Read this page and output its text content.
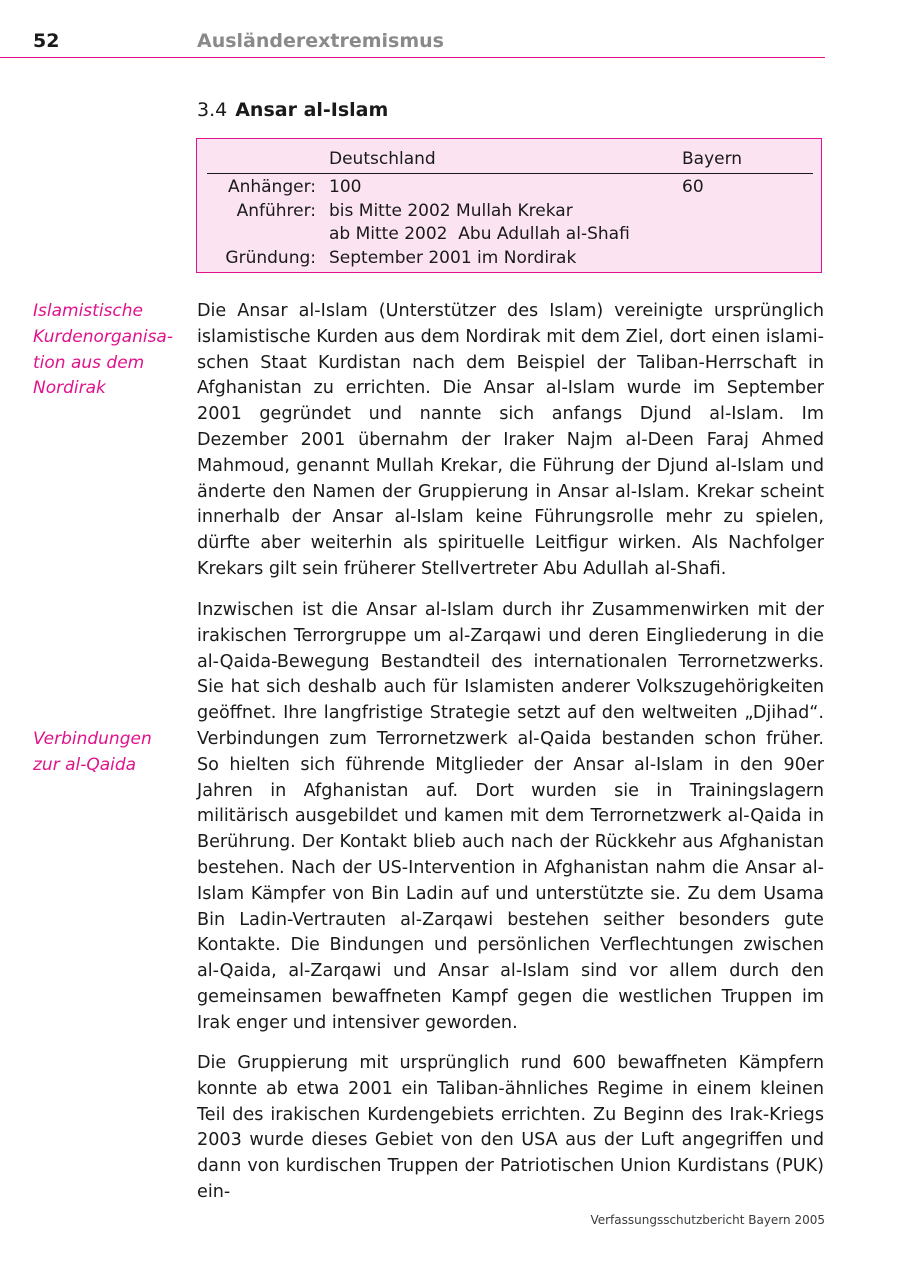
52	Ausländerextremismus
3.4 Ansar al-Islam
Deutschland	Bayern
Anhänger: 100	60
Anführer: bis Mitte 2002 Mullah Krekar
ab Mitte 2002  Abu Adullah al-Shafi
Gründung: September 2001 im Nordirak
Islamistische
Kurdenorganisa-
tion aus dem
Nordirak
Verbindungen
zur al-Qaida

Die Ansar al-Islam (Unterstützer des Islam) vereinigte ursprünglich islamistische Kurden aus dem Nordirak mit dem Ziel, dort einen islamischen Staat Kurdistan nach dem Beispiel der Taliban-Herrschaft in Afghanistan zu errichten. Die Ansar al-Islam wurde im September 2001 gegründet und nannte sich anfangs Djund al-Islam. Im Dezember 2001 übernahm der Iraker Najm al-Deen Faraj Ahmed Mahmoud, genannt Mullah Krekar, die Führung der Djund al-Islam und änderte den Namen der Gruppierung in Ansar al-Islam. Krekar scheint innerhalb der Ansar al-Islam keine Führungsrolle mehr zu spielen, dürfte aber weiterhin als spirituelle Leitfigur wirken. Als Nachfolger Krekars gilt sein früherer Stellvertreter Abu Adullah al-Shafi.

Inzwischen ist die Ansar al-Islam durch ihr Zusammenwirken mit der irakischen Terrorgruppe um al-Zarqawi und deren Eingliederung in die al-Qaida-Bewegung Bestandteil des internationalen Terrornetzwerks. Sie hat sich deshalb auch für Islamisten anderer Volkszugehörigkeiten geöffnet. Ihre langfristige Strategie setzt auf den weltweiten „Djihad“. Verbindungen zum Terrornetzwerk al-Qaida bestanden schon früher. So hielten sich führende Mitglieder der Ansar al-Islam in den 90er Jahren in Afghanistan auf. Dort wurden sie in Trainingslagern militärisch ausgebildet und kamen mit dem Terrornetzwerk al-Qaida in Berührung. Der Kontakt blieb auch nach der Rückkehr aus Afghanistan bestehen. Nach der US-Intervention in Afghanistan nahm die Ansar al-Islam Kämpfer von Bin Ladin auf und unterstützte sie. Zu dem Usama Bin Ladin-Vertrauten al-Zarqawi bestehen seither besonders gute Kontakte. Die Bindungen und persönlichen Verflechtungen zwischen al-Qaida, al-Zarqawi und Ansar al-Islam sind vor allem durch den gemeinsamen bewaffneten Kampf gegen die westlichen Truppen im Irak enger und intensiver geworden.

Die Gruppierung mit ursprünglich rund 600 bewaffneten Kämpfern konnte ab etwa 2001 ein Taliban-ähnliches Regime in einem kleinen Teil des irakischen Kurdengebiets errichten. Zu Beginn des Irak-Kriegs 2003 wurde dieses Gebiet von den USA aus der Luft angegriffen und dann von kurdischen Truppen der Patriotischen Union Kurdistans (PUK) ein-

Verfassungsschutzbericht Bayern 2005
